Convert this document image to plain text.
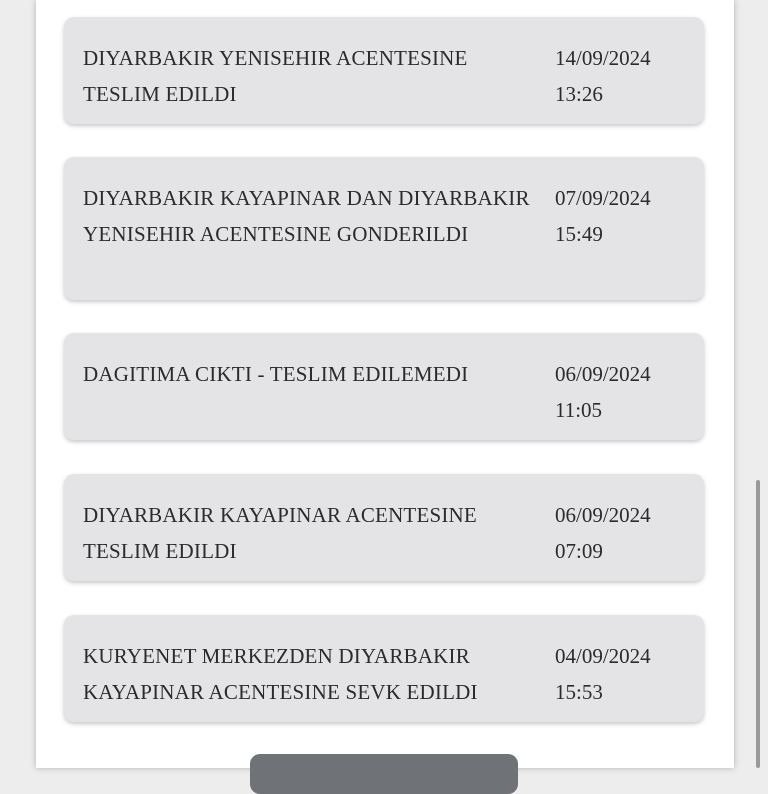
DIYARBAKIR YENISEHIR ACENTESINE TESLIM EDILDI
14/09/2024
13:26
DIYARBAKIR KAYAPINAR DAN DIYARBAKIR YENISEHIR ACENTESINE GONDERILDI
07/09/2024
15:49
DAGITIMA CIKTI - TESLIM EDILEMEDI	06/09/2024
11:05
DIYARBAKIR KAYAPINAR ACENTESINE TESLIM EDILDI
06/09/2024
07:09
KURYENET MERKEZDEN DIYARBAKIR KAYAPINAR ACENTESINE SEVK EDILDI
04/09/2024
15:53
